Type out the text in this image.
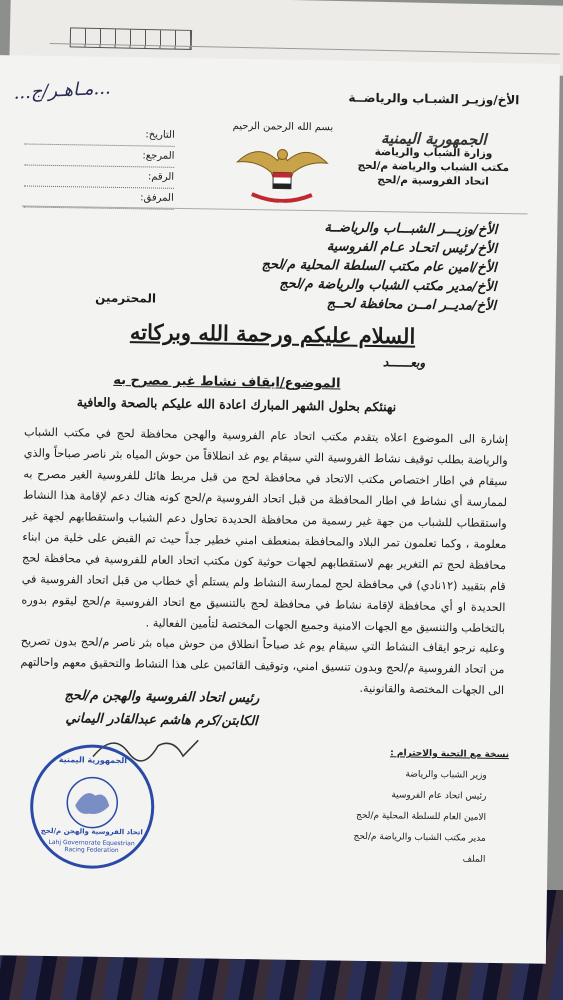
الأخ/وزيـر الشبـاب والرياضــة
...مـاهـر/ج...
الجمهورية اليمنية
وزارة الشباب والرياضة
مكتب الشباب والرياضة م/لحج
اتحاد الفروسية م/لحج
بسم الله الرحمن الرحيم
—
التاريخ:
المرجع:
الرقم:
المرفق:
الأخ/وزيـــر الشبـــاب والرياضــة
الأخ/رئيس اتحـاد عـام الفروسية
الأخ/امين عام مكتب السلطة المحلية م/لحج
الأخ/مدير مكتب الشباب والرياضة م/لحج
الأخ/مديــر امــن محافظة لحــج
المحترمين
السلام عليكم ورحمة الله وبركاته
وبعــــــد
الموضوع/ايقاف نشاط غير مصرح به
نهنئكم بحلول الشهر المبارك اعادة الله عليكم بالصحة والعافية
إشارة الى الموضوع اعلاه يتقدم مكتب اتحاد عام الفروسية والهجن محافظة لحج في مكتب الشباب والرياضة بطلب توقيف نشاط الفروسية التي سيقام يوم غد انطلاقاً من حوش المياه بثر ناصر صباحاً والذي سيقام في اطار اختصاص مكتب الاتحاد في محافظة لحج من قبل مربط هائل للفروسية الغير مصرح به لممارسة أي نشاط في اطار المحافظة من قبل اتحاد الفروسية م/لحج كونه هناك دعم لإقامة هذا النشاط واستقطاب للشباب من جهة غير رسمية من محافظة الحديدة تحاول دعم الشباب واستقطابهم لجهة غير معلومة ، وكما تعلمون تمر البلاد والمحافظة بمنعطف امني خطير جداً حيث تم القبض على خلية من ابناء محافظة لحج تم التغرير بهم لاستقطابهم لجهات حوثية كون مكتب اتحاد العام للفروسية في محافظة لحج قام بتقييد (١٢نادي) في محافظة لحج لممارسة النشاط ولم يستلم أي خطاب من قبل اتحاد الفروسية في الحديدة او أي محافظة لإقامة نشاط في محافظة لحج بالتنسيق مع اتحاد الفروسية م/لحج ليقوم بدوره بالتخاطب والتنسيق مع الجهات الامنية وجميع الجهات المختصة لتأمين الفعالية .
وعليه نرجو ايقاف النشاط التي سيقام يوم غد صباحاً انطلاق من حوش مياه بثر ناصر م/لحج بدون تصريح من اتحاد الفروسية م/لحج وبدون تنسيق امني، وتوقيف القائمين على هذا النشاط والتحقيق معهم واحالتهم الى الجهات المختصة والقانونية.
رئيس اتحاد الفروسية والهجن م/لحج
الكابتن/كرم هاشم عبدالقادر اليماني
نسخة مع التحية والاحترام :
وزير الشباب والرياضة
رئيس اتحاد عام الفروسية
الامين العام للسلطة المحلية م/لحج
مدير مكتب الشباب والرياضة م/لحج
الملف
الجمهورية اليمنية
اتحاد الفروسية والهجن م/لحج
Lahj Governorate Equestrian Racing Federation
